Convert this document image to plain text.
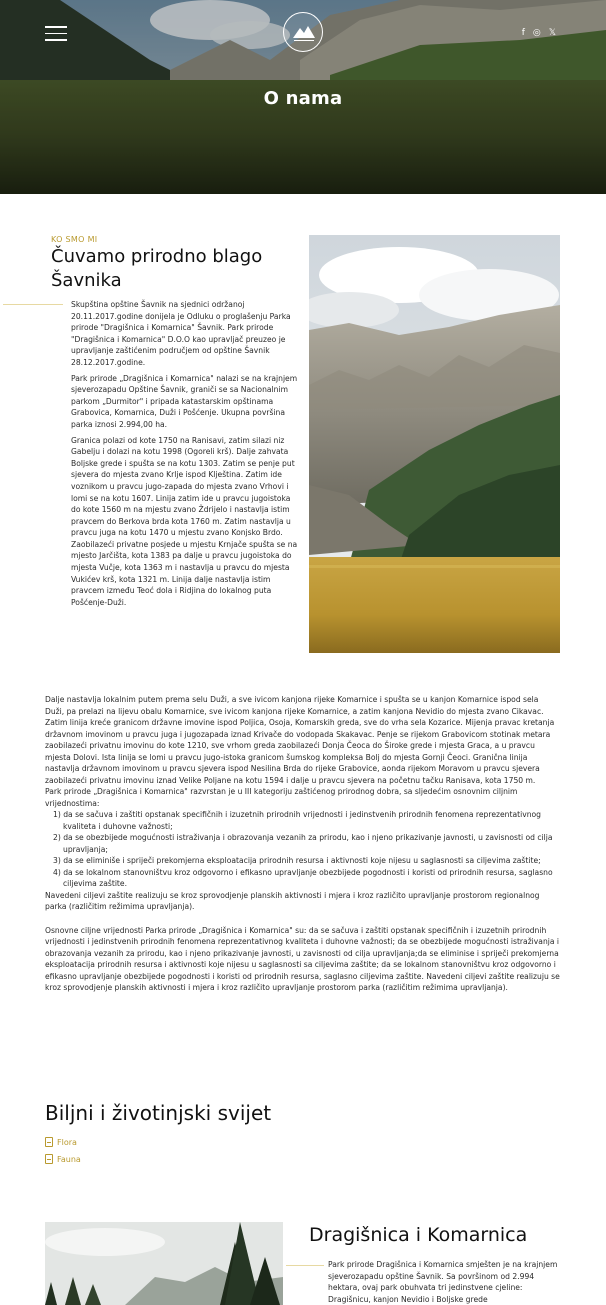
f ◎ 𝕏
O nama
KO SMO MI
Čuvamo prirodno blago Šavnika

Skupština opštine Šavnik na sjednici održanoj 20.11.2017.godine donijela je Odluku o proglašenju Parka prirode "Dragišnica i Komarnica" Šavnik. Park prirode "Dragišnica i Komarnica" D.O.O kao upravljač preuzeo je upravljanje zaštićenim područjem od opštine Šavnik 28.12.2017.godine.

Park prirode „Dragišnica i Komarnica" nalazi se na krajnjem sjeverozapadu Opštine Šavnik, graniči se sa Nacionalnim parkom „Durmitor" i pripada katastarskim opštinama Grabovica, Komarnica, Duži i Pošćenje. Ukupna površina parka iznosi 2.994,00 ha.

Granica polazi od kote 1750 na Ranisavi, zatim silazi niz Gabelju i dolazi na kotu 1998 (Ogoreli krš). Dalje zahvata Boljske grede i spušta se na kotu 1303. Zatim se penje put sjevera do mjesta zvano Krlje ispod Klještina. Zatim ide voznikom u pravcu jugo-zapada do mjesta zvano Vrhovi i lomi se na kotu 1607. Linija zatim ide u pravcu jugoistoka do kote 1560 m na mjestu zvano Ždrijelo i nastavlja istim pravcem do Berkova brda kota 1760 m. Zatim nastavlja u pravcu juga na kotu 1470 u mjestu zvano Konjsko Brdo. Zaobilazeći privatne posjede u mjestu Krnjače spušta se na mjesto Jarčišta, kota 1383 pa dalje u pravcu jugoistoka do mjesta Vučje, kota 1363 m i nastavlja u pravcu do mjesta Vukićev krš, kota 1321 m. Linija dalje nastavlja istim pravcem između Teoć dola i Ridjina do lokalnog puta Pošćenje-Duži.

Dalje nastavlja lokalnim putem prema selu Duži, a sve ivicom kanjona rijeke Komarnice i spušta se u kanjon Komarnice ispod sela Duži, pa prelazi na lijevu obalu Komarnice, sve ivicom kanjona rijeke Komarnice, a zatim kanjona Nevidio do mjesta zvano Cikavac. Zatim linija kreće granicom državne imovine ispod Poljica, Osoja, Komarskih greda, sve do vrha sela Kozarice. Mijenja pravac kretanja državnom imovinom u pravcu juga i jugozapada iznad Krivače do vodopada Skakavac. Penje se rijekom Grabovicom stotinak metara zaobilazeći privatnu imovinu do kote 1210, sve vrhom greda zaobilazeći Donja Čeoca do Široke grede i mjesta Graca, a u pravcu mjesta Dolovi. Ista linija se lomi u pravcu jugo-istoka granicom šumskog kompleksa Bolj do mjesta Gornji Čeoci. Granična linija nastavlja državnom imovinom u pravcu sjevera ispod Nesilina Brda do rijeke Grabovice, aonda rijekom Moravom u pravcu sjevera zaobilazeći privatnu imovinu iznad Velike Poljane na kotu 1594 i dalje u pravcu sjevera na početnu tačku Ranisava, kota 1750 m.

Park prirode „Dragišnica i Komarnica" razvrstan je u III kategoriju zaštićenog prirodnog dobra, sa sljedećim osnovnim ciljnim vrijednostima:

1) da se sačuva i zaštiti opstanak specifičnih i izuzetnih prirodnih vrijednosti i jedinstvenih prirodnih fenomena reprezentativnog kvaliteta i duhovne važnosti;
2) da se obezbijede mogućnosti istraživanja i obrazovanja vezanih za prirodu, kao i njeno prikazivanje javnosti, u zavisnosti od cilja upravljanja;
3) da se eliminiše i spriječi prekomjerna eksploatacija prirodnih resursa i aktivnosti koje nijesu u saglasnosti sa ciljevima zaštite;
4) da se lokalnom stanovništvu kroz odgovorno i efikasno upravljanje obezbijede pogodnosti i koristi od prirodnih resursa, saglasno ciljevima zaštite.

Navedeni ciljevi zaštite realizuju se kroz sprovodjenje planskih aktivnosti i mjera i kroz različito upravljanje prostorom regionalnog parka (različitim režimima upravljanja).

Osnovne ciljne vrijednosti Parka prirode „Dragišnica i Komarnica" su: da se sačuva i zaštiti opstanak specifičnih i izuzetnih prirodnih vrijednosti i jedinstvenih prirodnih fenomena reprezentativnog kvaliteta i duhovne važnosti; da se obezbijede mogućnosti istraživanja i obrazovanja vezanih za prirodu, kao i njeno prikazivanje javnosti, u zavisnosti od cilja upravljanja;da se eliminise i spriječi prekomjerna eksploatacija prirodnih resursa i aktivnosti koje nijesu u saglasnosti sa ciljevima zaštite; da se lokalnom stanovništvu kroz odgovorno i efikasno upravljanje obezbijede pogodnosti i koristi od prirodnih resursa, saglasno ciljevima zaštite. Navedeni ciljevi zaštite realizuju se kroz sprovodjenje planskih aktivnosti i mjera i kroz različito upravljanje prostorom parka (različitim režimima upravljanja).

Biljni i životinjski svijet
Flora
Fauna
Dragišnica i Komarnica

Park prirode Dragišnica i Komarnica smješten je na krajnjem sjeverozapadu opštine Šavnik. Sa površinom od 2.994 hektara, ovaj park obuhvata tri jedinstvene cjeline: Dragišnicu, kanjon Nevidio i Boljske grede
